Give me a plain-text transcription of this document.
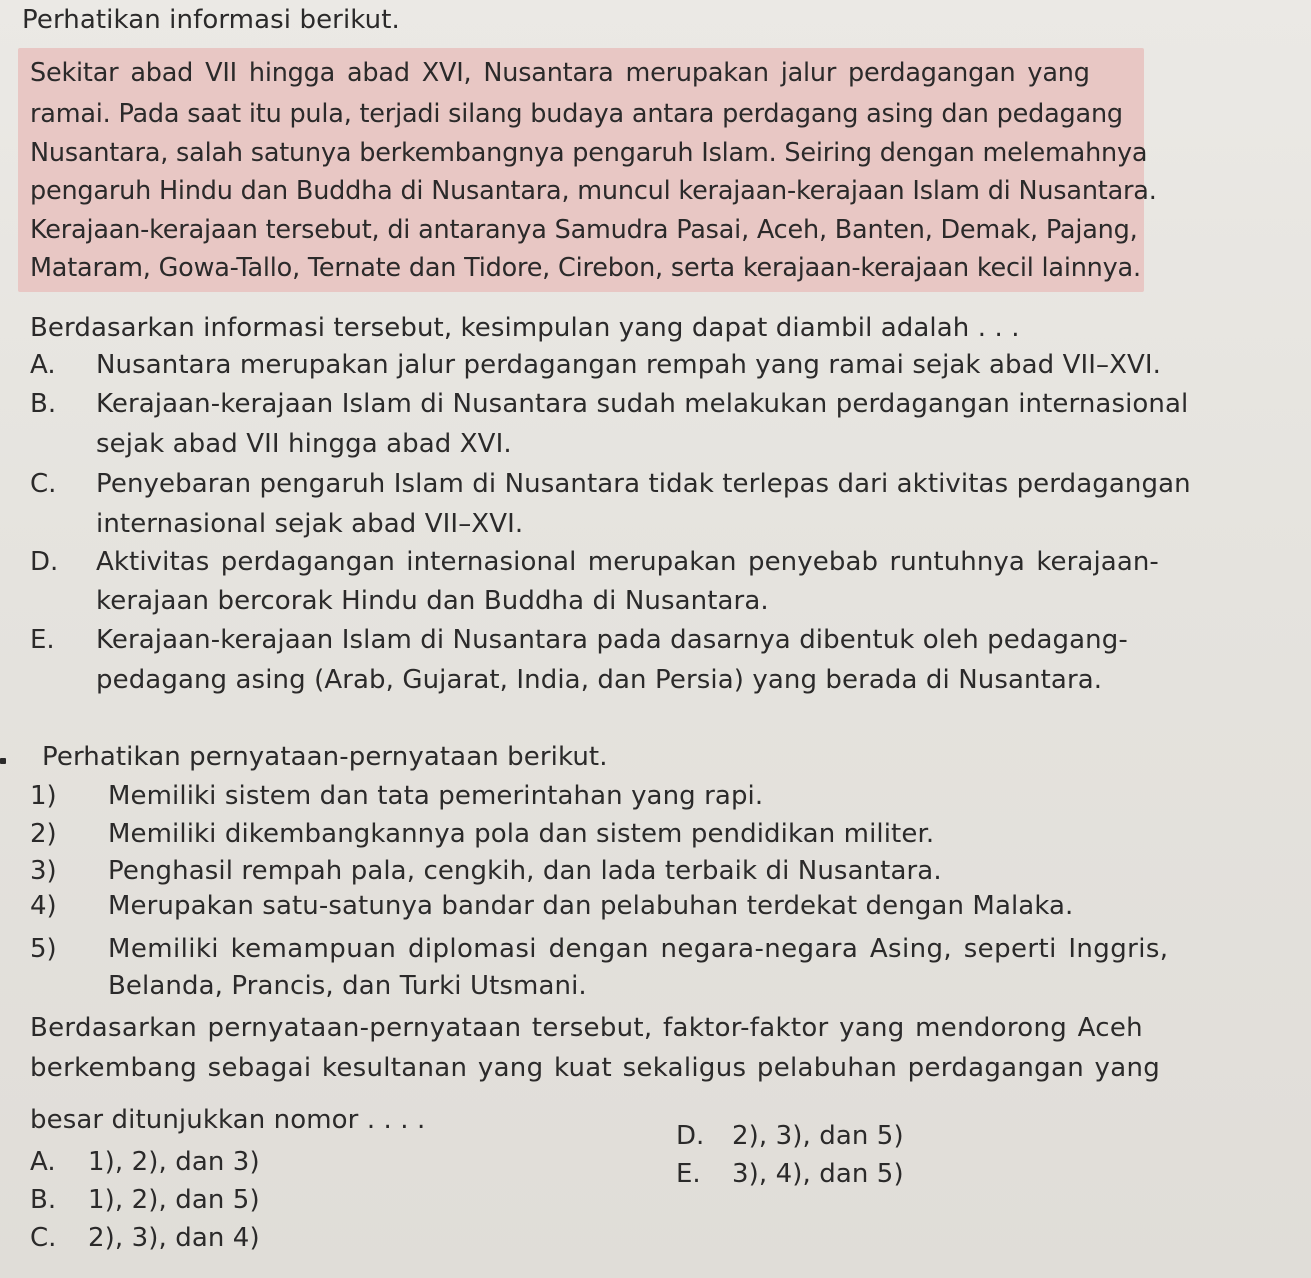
Perhatikan informasi berikut.
Sekitar abad VII hingga abad XVI, Nusantara merupakan jalur perdagangan yang
ramai. Pada saat itu pula, terjadi silang budaya antara perdagang asing dan pedagang
Nusantara, salah satunya berkembangnya pengaruh Islam. Seiring dengan melemahnya
pengaruh Hindu dan Buddha di Nusantara, muncul kerajaan-kerajaan Islam di Nusantara.
Kerajaan-kerajaan tersebut, di antaranya Samudra Pasai, Aceh, Banten, Demak, Pajang,
Mataram, Gowa-Tallo, Ternate dan Tidore, Cirebon, serta kerajaan-kerajaan kecil lainnya.
Berdasarkan informasi tersebut, kesimpulan yang dapat diambil adalah . . .
A. Nusantara merupakan jalur perdagangan rempah yang ramai sejak abad VII–XVI.
B. Kerajaan-kerajaan Islam di Nusantara sudah melakukan perdagangan internasional
sejak abad VII hingga abad XVI.
C. Penyebaran pengaruh Islam di Nusantara tidak terlepas dari aktivitas perdagangan
internasional sejak abad VII–XVI.
D. Aktivitas perdagangan internasional merupakan penyebab runtuhnya kerajaan-
kerajaan bercorak Hindu dan Buddha di Nusantara.
E. Kerajaan-kerajaan Islam di Nusantara pada dasarnya dibentuk oleh pedagang-
pedagang asing (Arab, Gujarat, India, dan Persia) yang berada di Nusantara.
Perhatikan pernyataan-pernyataan berikut.
1) Memiliki sistem dan tata pemerintahan yang rapi.
2) Memiliki dikembangkannya pola dan sistem pendidikan militer.
3) Penghasil rempah pala, cengkih, dan lada terbaik di Nusantara.
4) Merupakan satu-satunya bandar dan pelabuhan terdekat dengan Malaka.
5) Memiliki kemampuan diplomasi dengan negara-negara Asing, seperti Inggris,
Belanda, Prancis, dan Turki Utsmani.
Berdasarkan pernyataan-pernyataan tersebut, faktor-faktor yang mendorong Aceh
berkembang sebagai kesultanan yang kuat sekaligus pelabuhan perdagangan yang
besar ditunjukkan nomor . . . .
D. 2), 3), dan 5)
A. 1), 2), dan 3)	E. 3), 4), dan 5)
B. 1), 2), dan 5)
C. 2), 3), dan 4)
